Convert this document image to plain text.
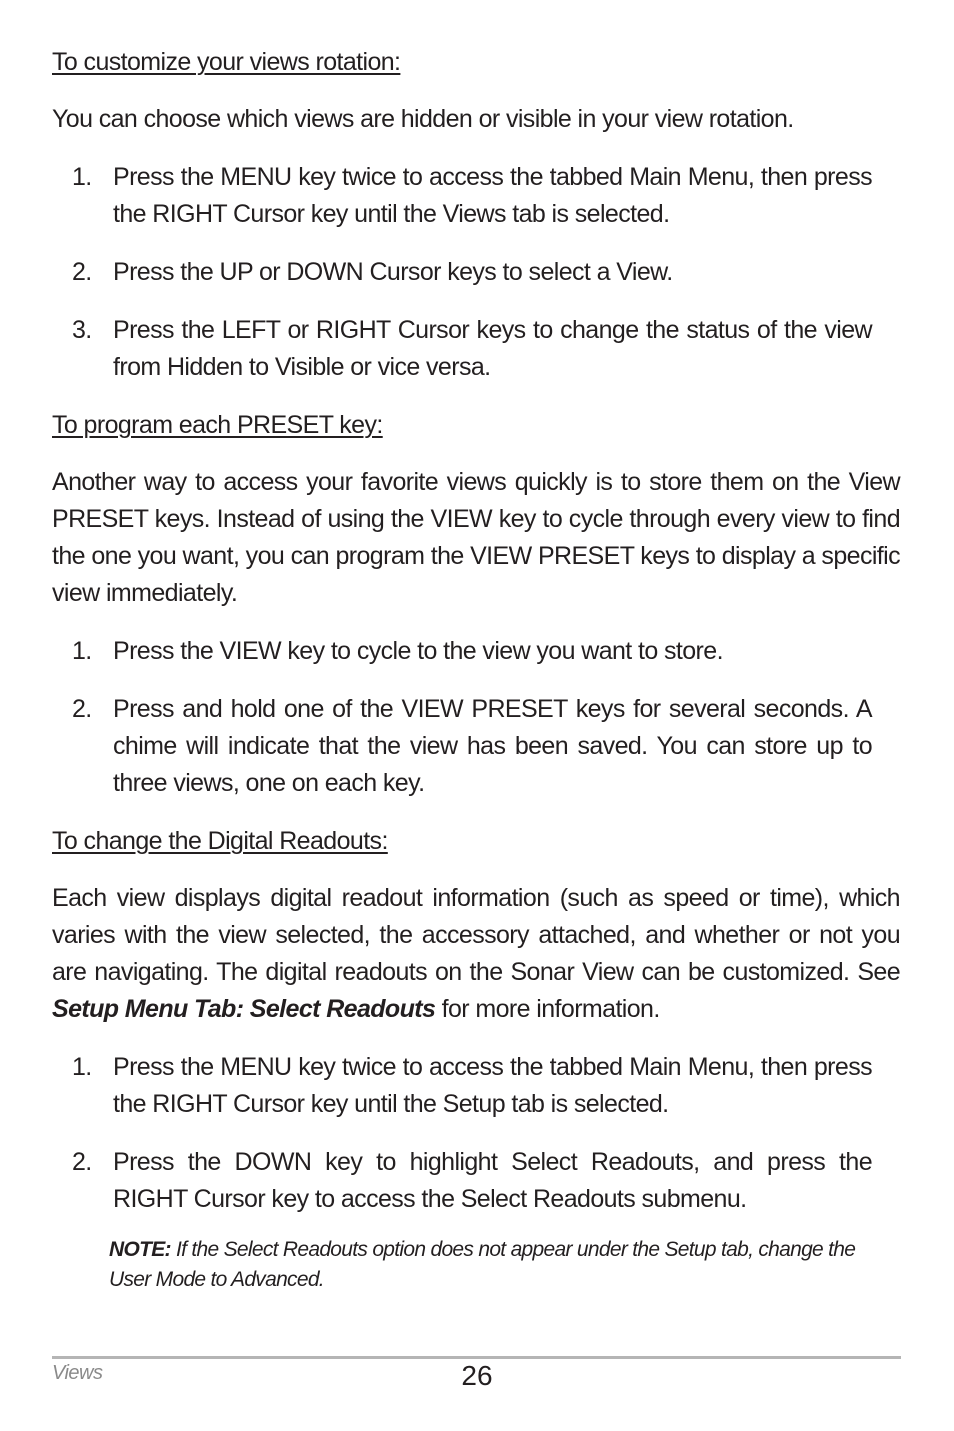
To customize your views rotation:

You can choose which views are hidden or visible in your view rotation.

1. Press the MENU key twice to access the tabbed Main Menu, then press the RIGHT Cursor key until the Views tab is selected.
2. Press the UP or DOWN Cursor keys to select a View.
3. Press the LEFT or RIGHT Cursor keys to change the status of the view from Hidden to Visible or vice versa.
To program each PRESET key:

Another way to access your favorite views quickly is to store them on the View PRESET keys. Instead of using the VIEW key to cycle through every view to find the one you want, you can program the VIEW PRESET keys to display a specific view immediately.

1. Press the VIEW key to cycle to the view you want to store.
2. Press and hold one of the VIEW PRESET keys for several seconds. A chime will indicate that the view has been saved. You can store up to three views, one on each key.
To change the Digital Readouts:

Each view displays digital readout information (such as speed or time), which varies with the view selected, the accessory attached, and whether or not you are navigating. The digital readouts on the Sonar View can be customized. See Setup Menu Tab: Select Readouts for more information.

1. Press the MENU key twice to access the tabbed Main Menu, then press the RIGHT Cursor key until the Setup tab is selected.
2. Press the DOWN key to highlight Select Readouts, and press the RIGHT Cursor key to access the Select Readouts submenu.
NOTE: If the Select Readouts option does not appear under the Setup tab, change the User Mode to Advanced.
Views	26
